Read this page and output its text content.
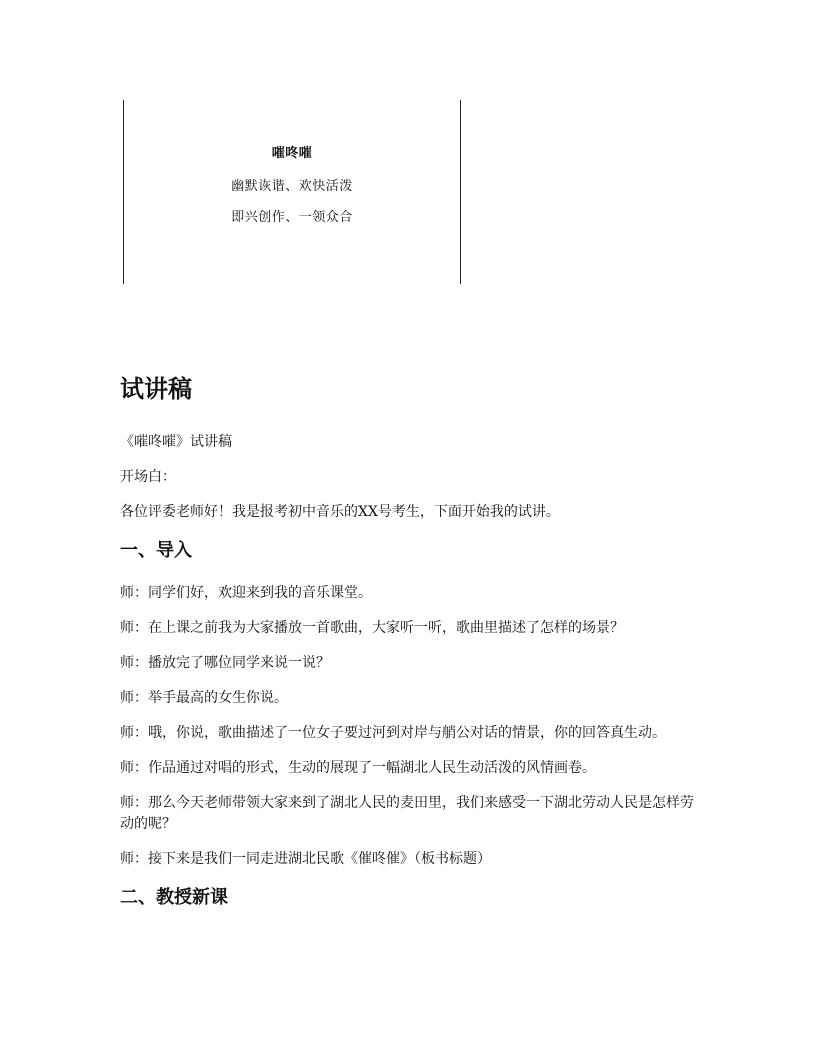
嗺咚嗺
幽默诙谐、欢快活泼
即兴创作、一领众合
试讲稿

《嗺咚嗺》试讲稿

开场白：

各位评委老师好！我是报考初中音乐的XX号考生，下面开始我的试讲。

一、导入

师：同学们好，欢迎来到我的音乐课堂。

师：在上课之前我为大家播放一首歌曲，大家听一听，歌曲里描述了怎样的场景？

师：播放完了哪位同学来说一说？

师：举手最高的女生你说。

师：哦，你说，歌曲描述了一位女子要过河到对岸与艄公对话的情景，你的回答真生动。

师：作品通过对唱的形式，生动的展现了一幅湖北人民生动活泼的风情画卷。

师：那么今天老师带领大家来到了湖北人民的麦田里，我们来感受一下湖北劳动人民是怎样劳动的呢？

师：接下来是我们一同走进湖北民歌《催咚催》（板书标题）

二、教授新课
